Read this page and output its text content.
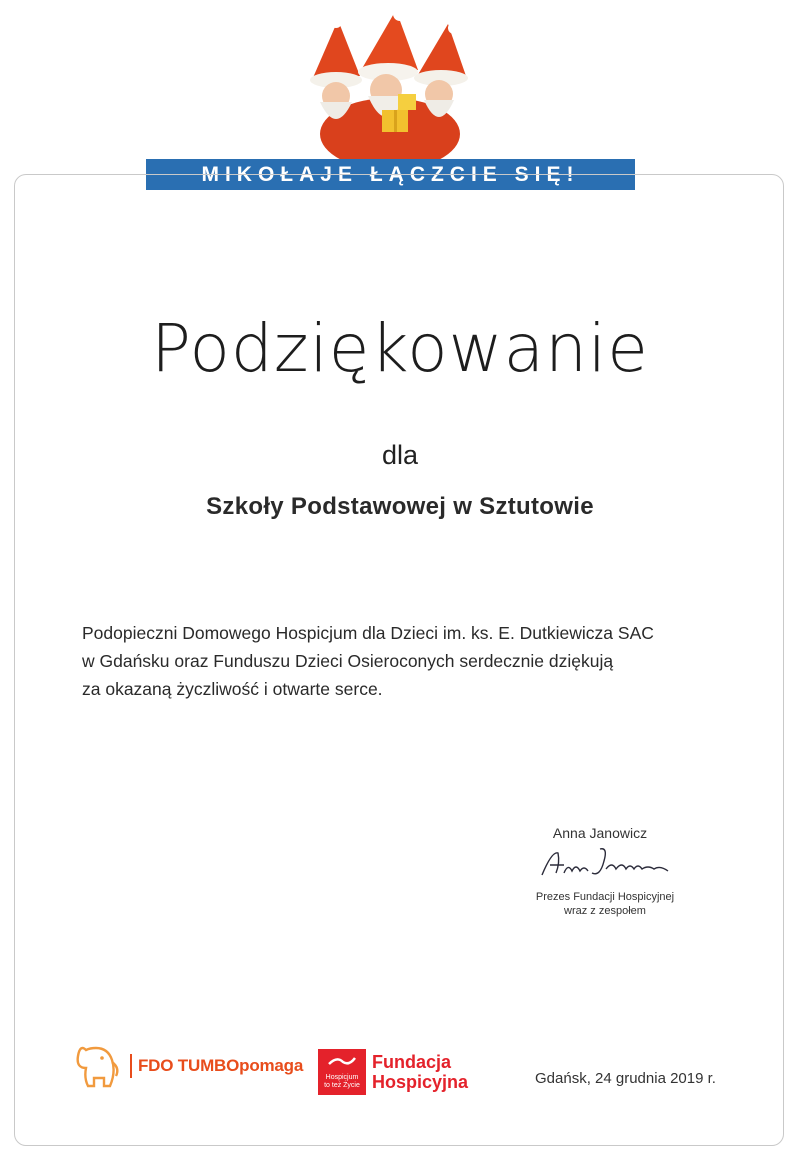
MIKOŁAJE ŁĄCZCIE SIĘ!
Podziękowanie
dla
Szkoły Podstawowej w Sztutowie
Podopieczni Domowego Hospicjum dla Dzieci im. ks. E. Dutkiewicza SAC
w Gdańsku oraz Funduszu Dzieci Osieroconych serdecznie dziękują
za okazaną życzliwość i otwarte serce.
Anna Janowicz
Prezes Fundacji Hospicyjnej
wraz z zespołem
FDO TUMBOpomaga
Hospicjum
to też Życie
Fundacja
Hospicyjna	Gdańsk, 24 grudnia 2019 r.
